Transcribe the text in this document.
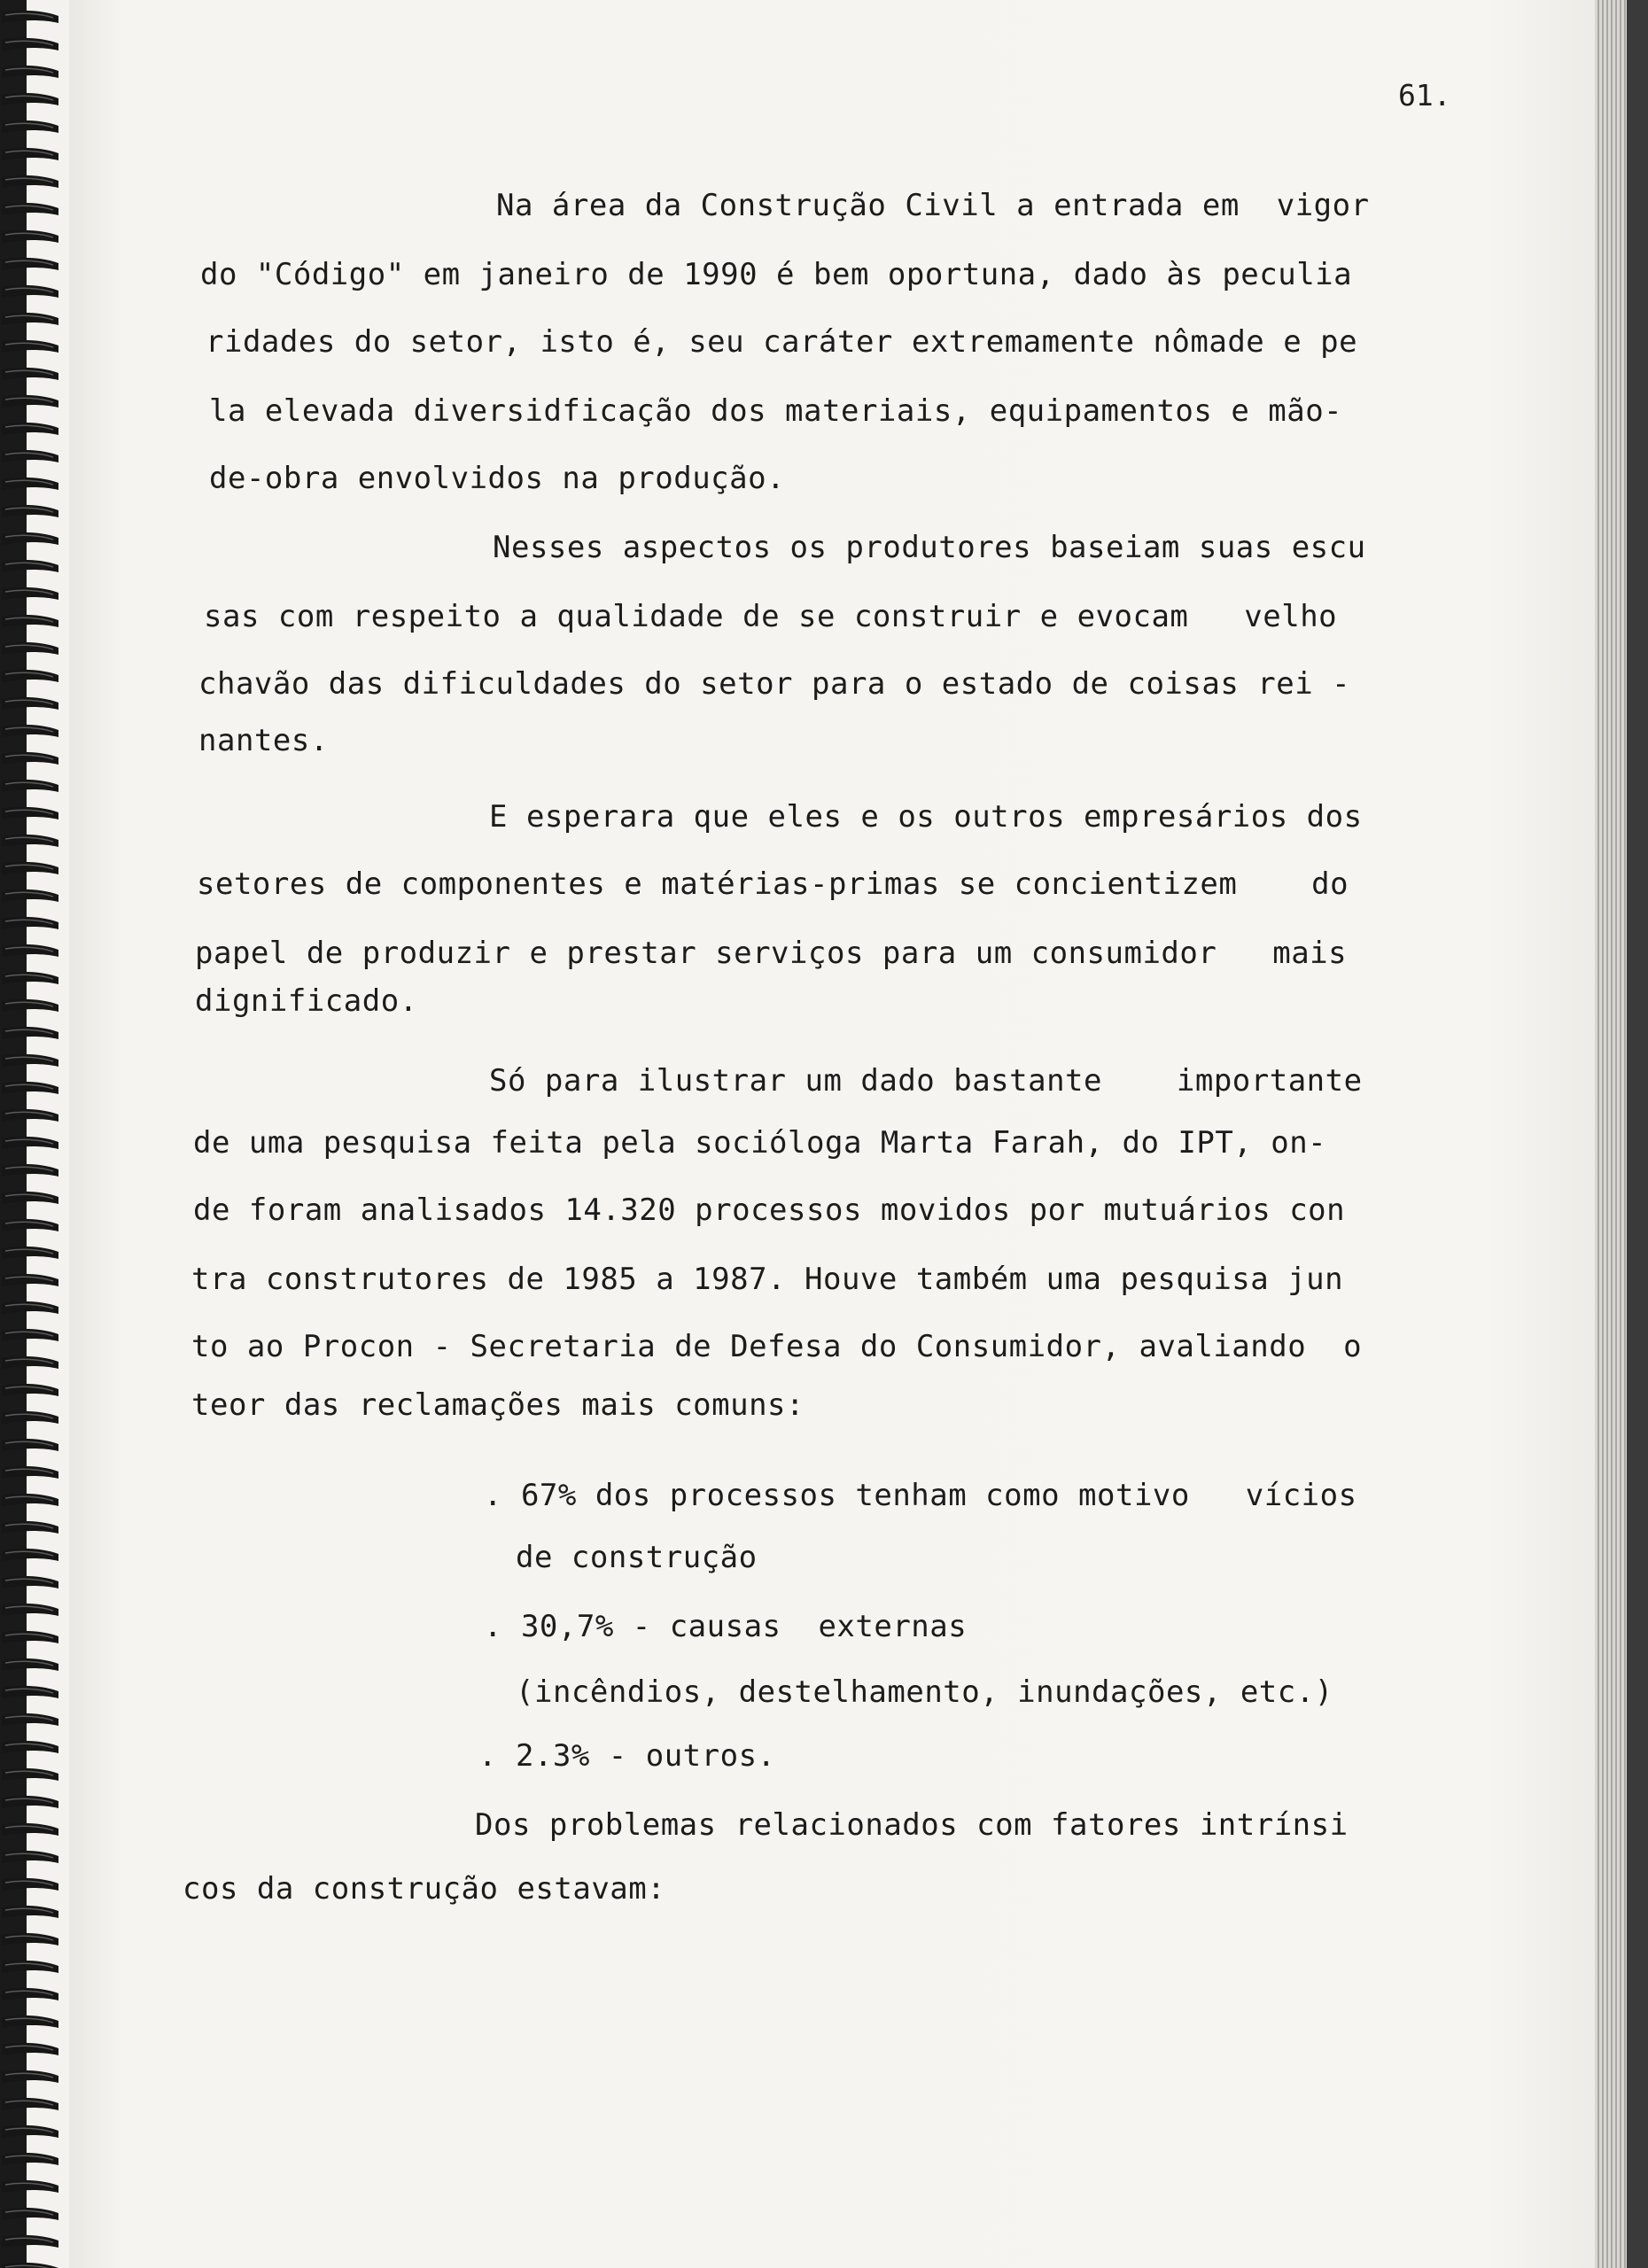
61.
Na área da Construção Civil a entrada em  vigor
do "Código" em janeiro de 1990 é bem oportuna, dado às peculia
ridades do setor, isto é, seu caráter extremamente nômade e pe
la elevada diversidficação dos materiais, equipamentos e mão-
de-obra envolvidos na produção.
Nesses aspectos os produtores baseiam suas escu
sas com respeito a qualidade de se construir e evocam   velho
chavão das dificuldades do setor para o estado de coisas rei -
nantes.
E esperara que eles e os outros empresários dos
setores de componentes e matérias-primas se concientizem    do
papel de produzir e prestar serviços para um consumidor   mais
dignificado.
Só para ilustrar um dado bastante    importante
de uma pesquisa feita pela socióloga Marta Farah, do IPT, on-
de foram analisados 14.320 processos movidos por mutuários con
tra construtores de 1985 a 1987. Houve também uma pesquisa jun
to ao Procon - Secretaria de Defesa do Consumidor, avaliando  o
teor das reclamações mais comuns:
. 67% dos processos tenham como motivo   vícios
de construção
. 30,7% - causas  externas
(incêndios, destelhamento, inundações, etc.)
. 2.3% - outros.
Dos problemas relacionados com fatores intrínsi
cos da construção estavam:
